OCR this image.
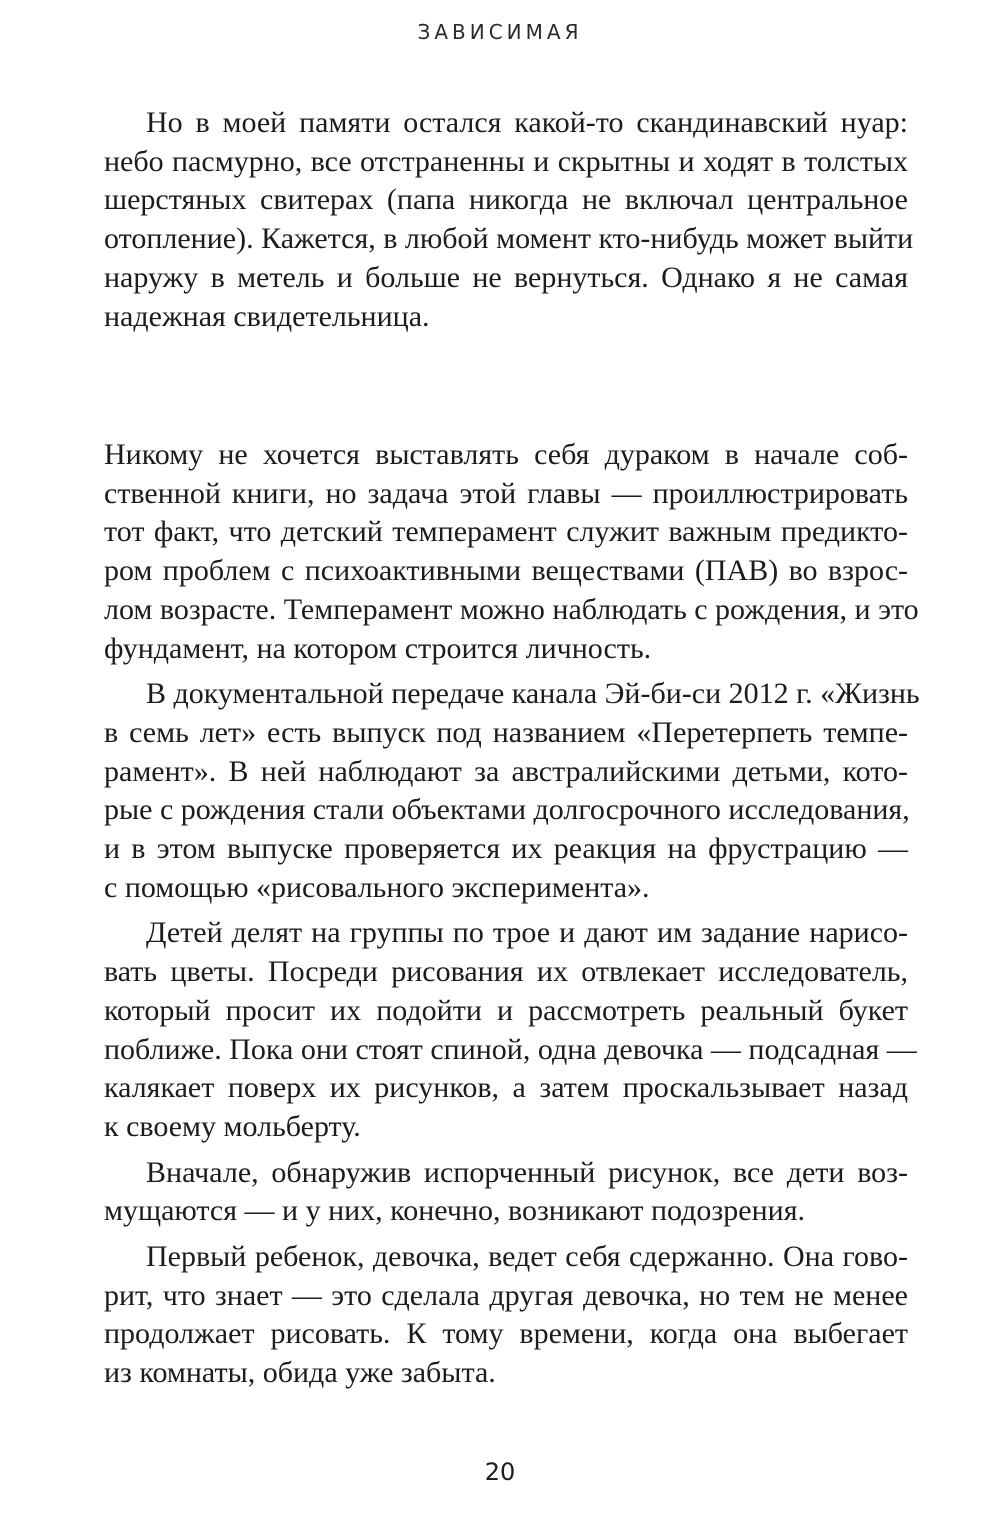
ЗАВИСИМАЯ

Но в моей памяти остался какой-то скандинавский нуар:
небо пасмурно, все отстраненны и скрытны и ходят в толстых
шерстяных свитерах (папа никогда не включал центральное
отопление). Кажется, в любой момент кто-нибудь может выйти
наружу в метель и больше не вернуться. Однако я не самая
надежная свидетельница.

Никому не хочется выставлять себя дураком в начале соб-
ственной книги, но задача этой главы — проиллюстрировать
тот факт, что детский темперамент служит важным предикто-
ром проблем с психоактивными веществами (ПАВ) во взрос-
лом возрасте. Темперамент можно наблюдать с рождения, и это
фундамент, на котором строится личность.

В документальной передаче канала Эй-би-си 2012 г. «Жизнь
в семь лет» есть выпуск под названием «Перетерпеть темпе-
рамент». В ней наблюдают за австралийскими детьми, кото-
рые с рождения стали объектами долгосрочного исследования,
и в этом выпуске проверяется их реакция на фрустрацию —
с помощью «рисовального эксперимента».

Детей делят на группы по трое и дают им задание нарисо-
вать цветы. Посреди рисования их отвлекает исследователь,
который просит их подойти и рассмотреть реальный букет
поближе. Пока они стоят спиной, одна девочка — подсадная —
калякает поверх их рисунков, а затем проскальзывает назад
к своему мольберту.

Вначале, обнаружив испорченный рисунок, все дети воз-
мущаются — и у них, конечно, возникают подозрения.

Первый ребенок, девочка, ведет себя сдержанно. Она гово-
рит, что знает — это сделала другая девочка, но тем не менее
продолжает рисовать. К тому времени, когда она выбегает
из комнаты, обида уже забыта.

20
